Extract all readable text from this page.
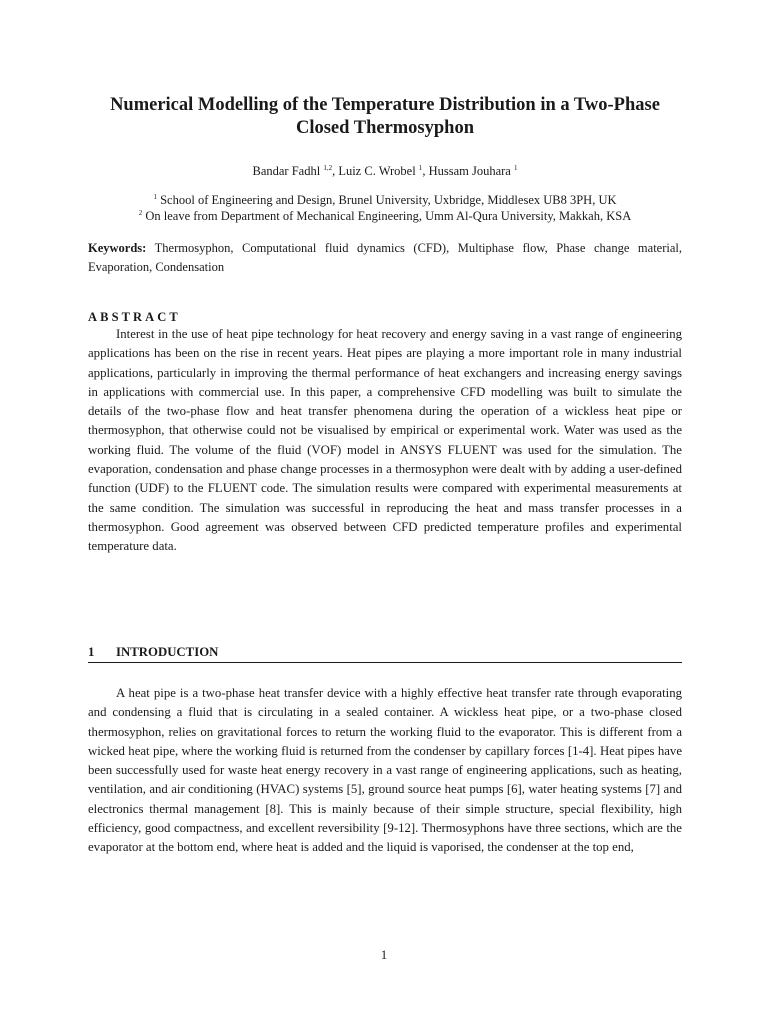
Numerical Modelling of the Temperature Distribution in a Two-Phase Closed Thermosyphon
Bandar Fadhl $^{1,2}$, Luiz C. Wrobel $^1$, Hussam Jouhara $^1$
$^1$ School of Engineering and Design, Brunel University, Uxbridge, Middlesex UB8 3PH, UK
$^2$ On leave from Department of Mechanical Engineering, Umm Al-Qura University, Makkah, KSA
Keywords: Thermosyphon, Computational fluid dynamics (CFD), Multiphase flow, Phase change material, Evaporation, Condensation
ABSTRACT

Interest in the use of heat pipe technology for heat recovery and energy saving in a vast range of engineering applications has been on the rise in recent years. Heat pipes are playing a more important role in many industrial applications, particularly in improving the thermal performance of heat exchangers and increasing energy savings in applications with commercial use. In this paper, a comprehensive CFD modelling was built to simulate the details of the two-phase flow and heat transfer phenomena during the operation of a wickless heat pipe or thermosyphon, that otherwise could not be visualised by empirical or experimental work. Water was used as the working fluid. The volume of the fluid (VOF) model in ANSYS FLUENT was used for the simulation. The evaporation, condensation and phase change processes in a thermosyphon were dealt with by adding a user-defined function (UDF) to the FLUENT code. The simulation results were compared with experimental measurements at the same condition. The simulation was successful in reproducing the heat and mass transfer processes in a thermosyphon. Good agreement was observed between CFD predicted temperature profiles and experimental temperature data.

1 INTRODUCTION

A heat pipe is a two-phase heat transfer device with a highly effective heat transfer rate through evaporating and condensing a fluid that is circulating in a sealed container. A wickless heat pipe, or a two-phase closed thermosyphon, relies on gravitational forces to return the working fluid to the evaporator. This is different from a wicked heat pipe, where the working fluid is returned from the condenser by capillary forces [1-4]. Heat pipes have been successfully used for waste heat energy recovery in a vast range of engineering applications, such as heating, ventilation, and air conditioning (HVAC) systems [5], ground source heat pumps [6], water heating systems [7] and electronics thermal management [8]. This is mainly because of their simple structure, special flexibility, high efficiency, good compactness, and excellent reversibility [9-12]. Thermosyphons have three sections, which are the evaporator at the bottom end, where heat is added and the liquid is vaporised, the condenser at the top end,

1
